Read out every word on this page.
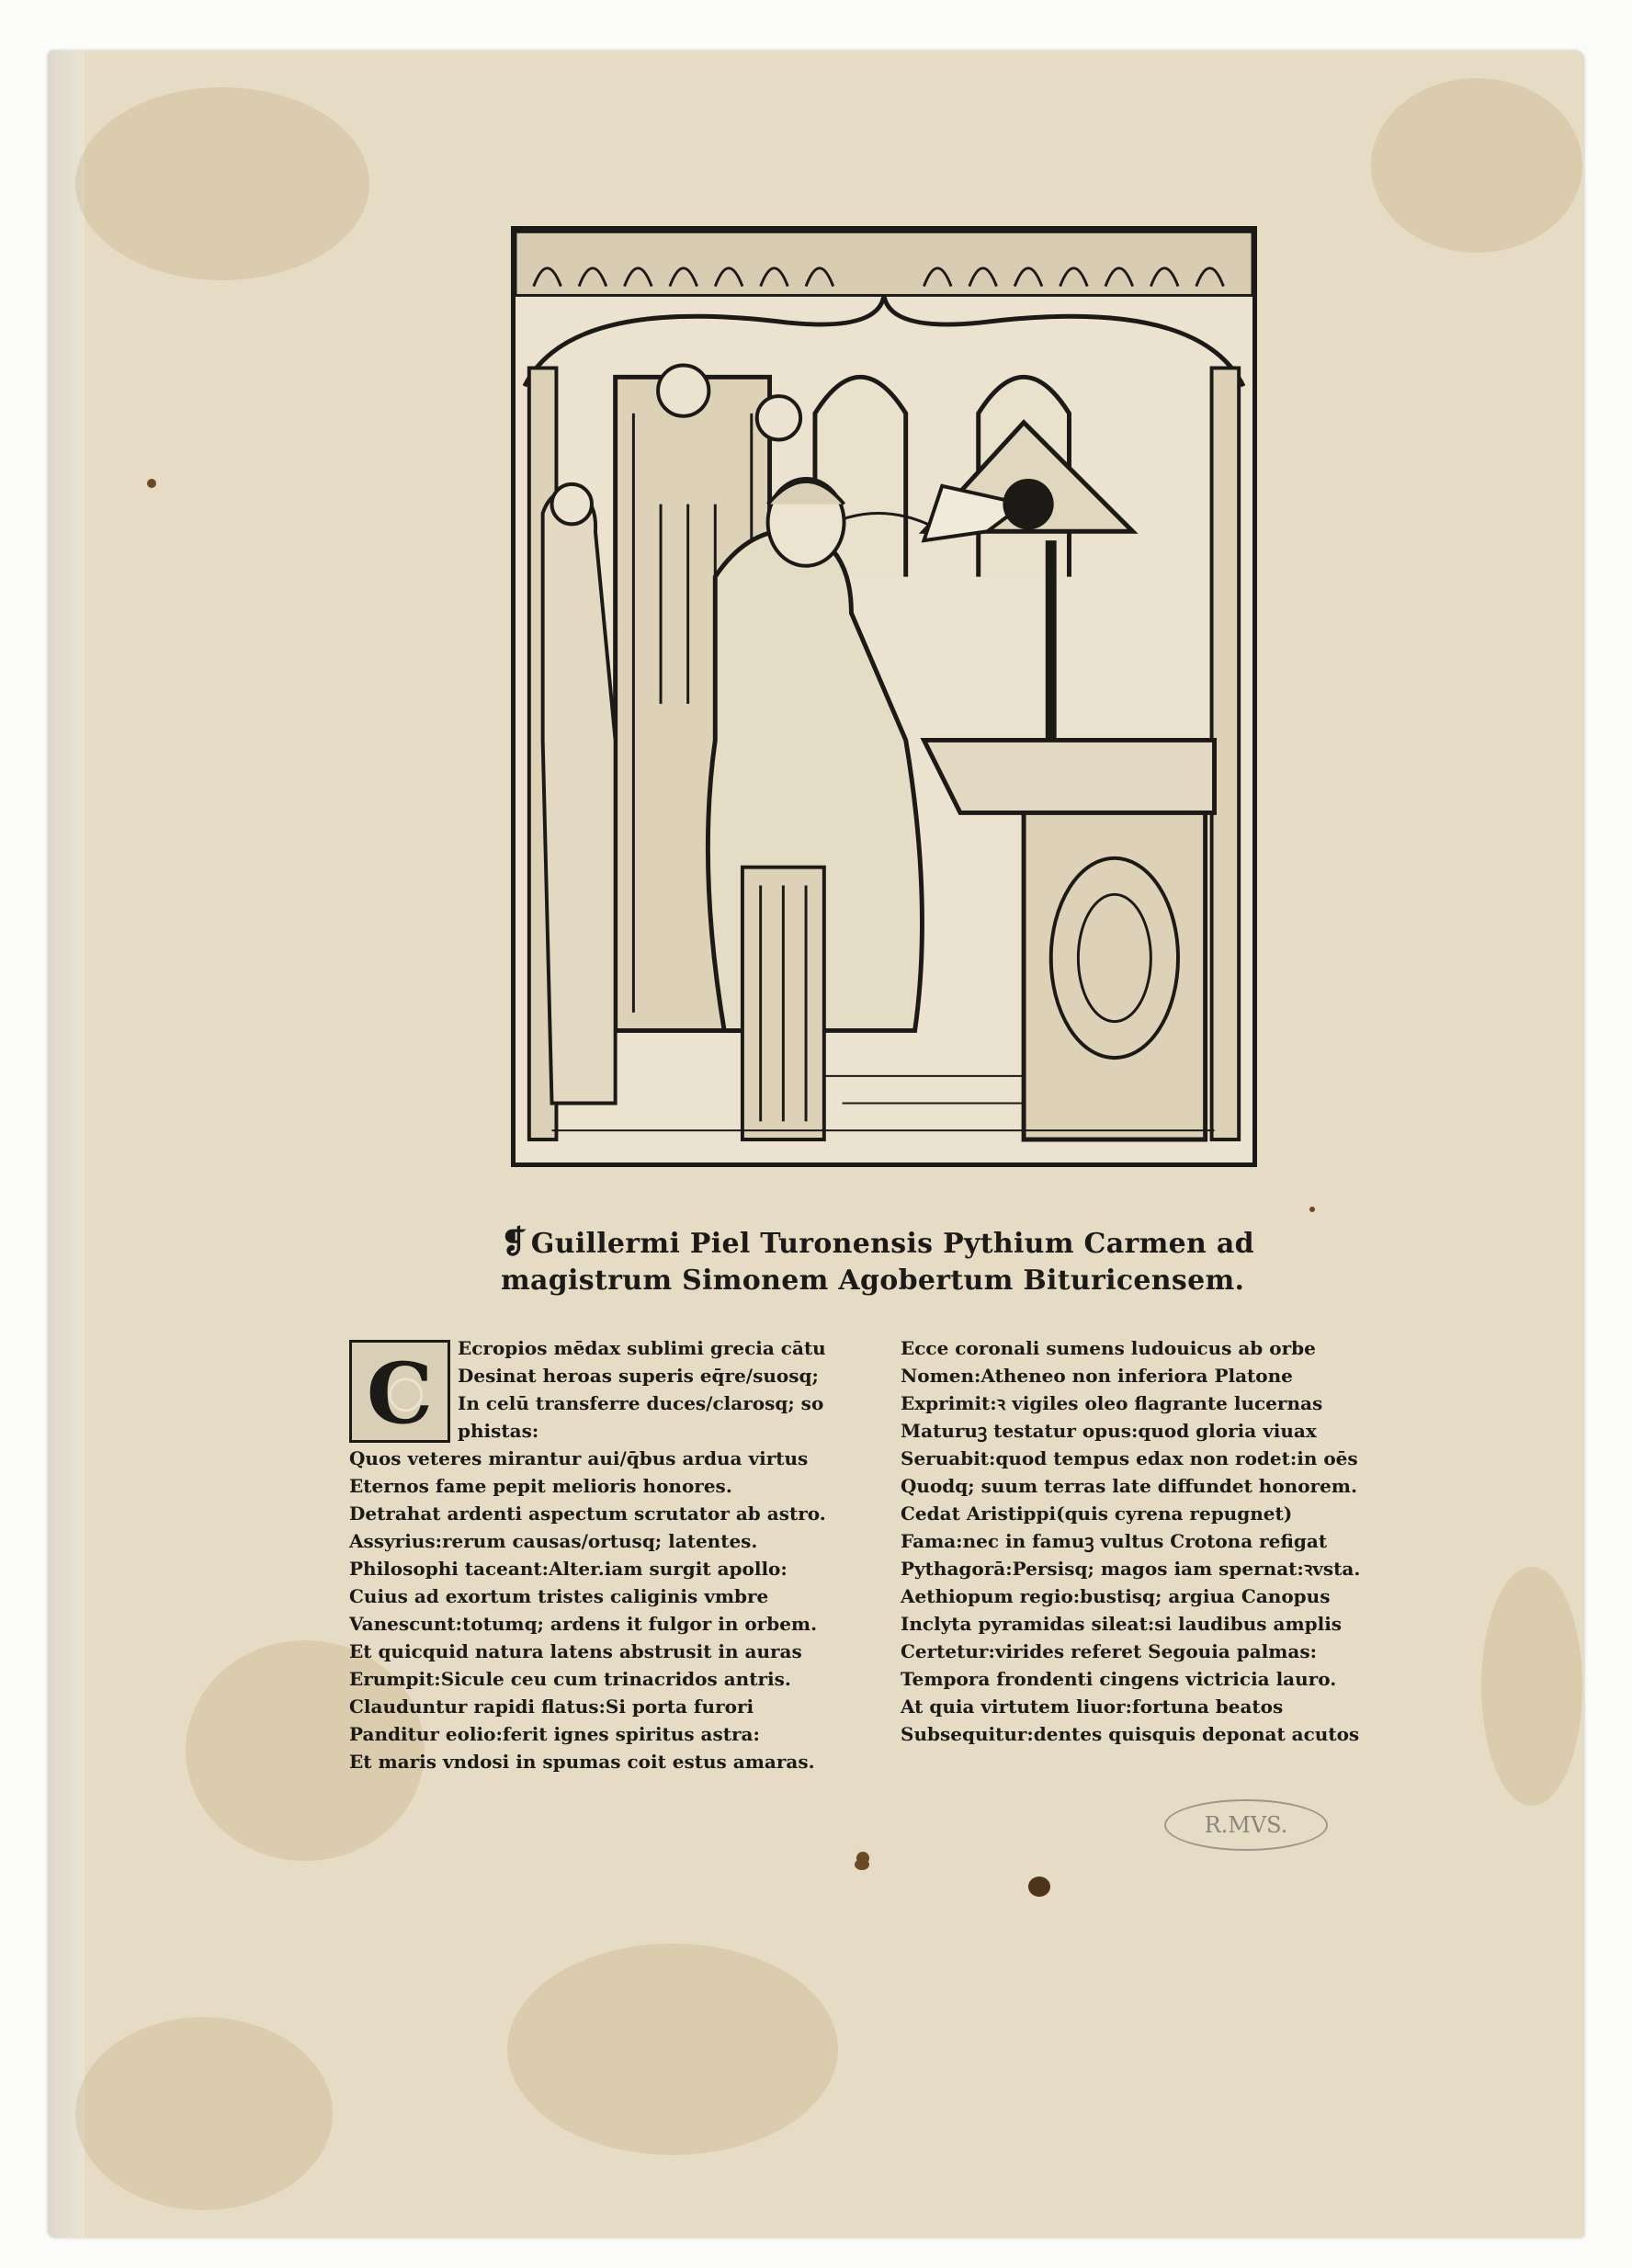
❡ Guillermi Piel Turonensis Pythium Carmen ad
magistrum Simonem Agobertum Bituricensem.
C	Ecropios mēdax sublimi grecia cātu
Desinat heroas superis eq̄re/suosq;
In celū transferre duces/clarosq; so
phistas:
Quos veteres mirantur aui/q̄bus ardua virtus
Eternos fame pepit melioris honores.
Detrahat ardenti aspectum scrutator ab astro.
Assyrius:rerum causas/ortusq; latentes.
Philosophi taceant:Alter.iam surgit apollo:
Cuius ad exortum tristes caliginis vmbre
Vanescunt:totumq; ardens it fulgor in orbem.
Et quicquid natura latens abstrusit in auras
Erumpit:Sicule ceu cum trinacridos antris.
Clauduntur rapidi flatus:Si porta furori
Panditur eolio:ferit ignes spiritus astra:
Et maris vndosi in spumas coit estus amaras.
Ecce coronali sumens ludouicus ab orbe
Nomen:Atheneo non inferiora Platone
Exprimit:ꝛ vigiles oleo flagrante lucernas
Maturuꝫ testatur opus:quod gloria viuax
Seruabit:quod tempus edax non rodet:in oēs
Quodq; suum terras late diffundet honorem.
Cedat Aristippi(quis cyrena repugnet)
Fama:nec in famuꝫ vultus Crotona refigat
Pythagorā:Persisq; magos iam spernat:ꝛvsta.
Aethiopum regio:bustisq; argiua Canopus
Inclyta pyramidas sileat:si laudibus amplis
Certetur:virides referet Segouia palmas:
Tempora frondenti cingens victricia lauro.
At quia virtutem liuor:fortuna beatos
Subsequitur:dentes quisquis deponat acutos
R.MVS.
